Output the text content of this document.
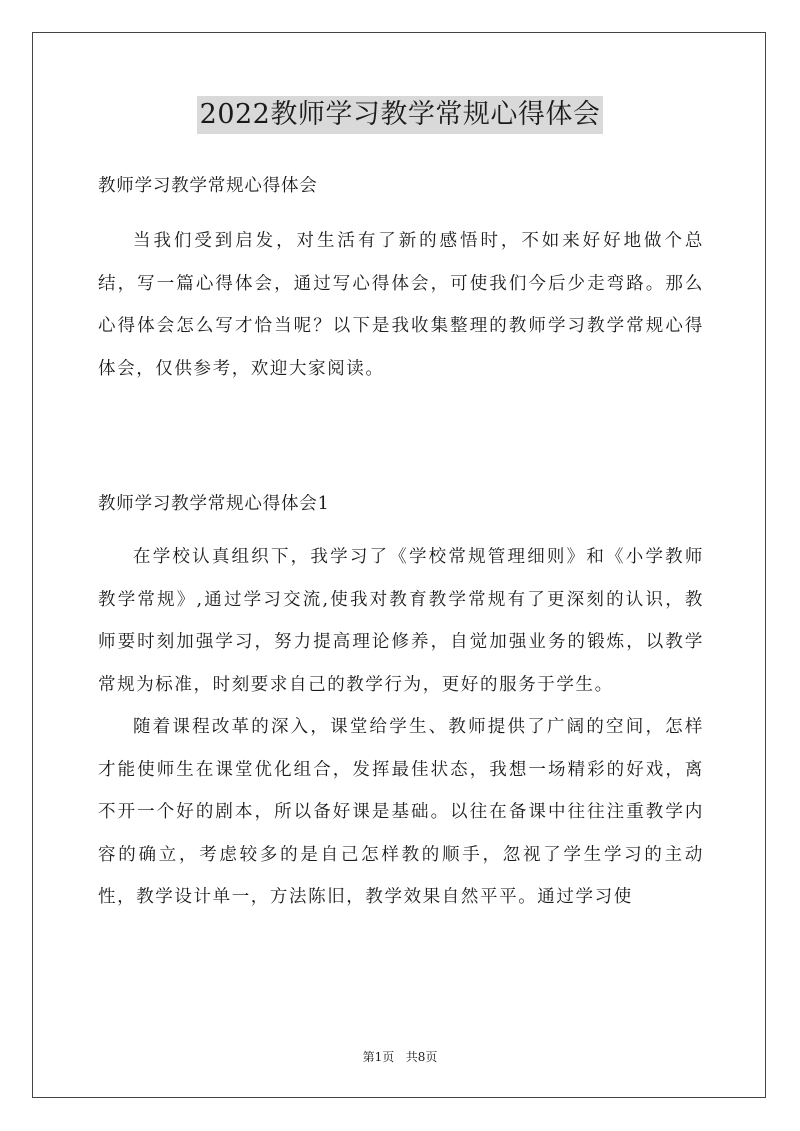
2022教师学习教学常规心得体会
教师学习教学常规心得体会

当我们受到启发，对生活有了新的感悟时，不如来好好地做个总结，写一篇心得体会，通过写心得体会，可使我们今后少走弯路。那么心得体会怎么写才恰当呢？以下是我收集整理的教师学习教学常规心得体会，仅供参考，欢迎大家阅读。

教师学习教学常规心得体会1

在学校认真组织下，我学习了《学校常规管理细则》和《小学教师教学常规》,通过学习交流,使我对教育教学常规有了更深刻的认识，教师要时刻加强学习，努力提高理论修养，自觉加强业务的锻炼，以教学常规为标准，时刻要求自己的教学行为，更好的服务于学生。

随着课程改革的深入，课堂给学生、教师提供了广阔的空间，怎样才能使师生在课堂优化组合，发挥最佳状态，我想一场精彩的好戏，离不开一个好的剧本，所以备好课是基础。以往在备课中往往注重教学内容的确立，考虑较多的是自己怎样教的顺手，忽视了学生学习的主动性，教学设计单一，方法陈旧，教学效果自然平平。通过学习使

第1页   共8页
